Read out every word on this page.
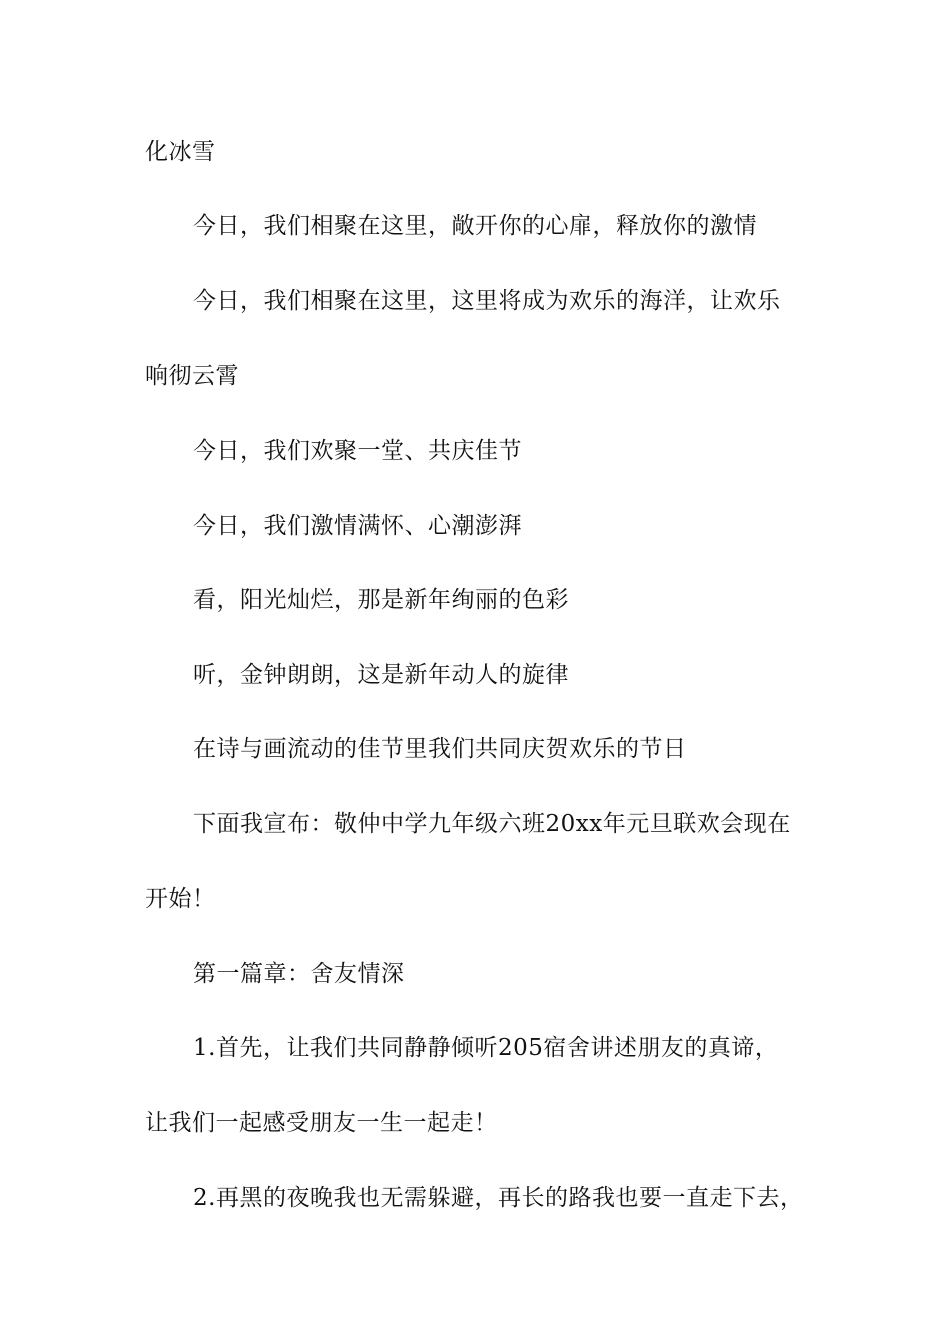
化冰雪
今日，我们相聚在这里，敞开你的心扉，释放你的激情
今日，我们相聚在这里，这里将成为欢乐的海洋，让欢乐
响彻云霄
今日，我们欢聚一堂、共庆佳节
今日，我们激情满怀、心潮澎湃
看，阳光灿烂，那是新年绚丽的色彩
听，金钟朗朗，这是新年动人的旋律
在诗与画流动的佳节里我们共同庆贺欢乐的节日
下面我宣布：敬仲中学九年级六班20xx年元旦联欢会现在
开始！
第一篇章：舍友情深
1.首先，让我们共同静静倾听205宿舍讲述朋友的真谛，
让我们一起感受朋友一生一起走！
2.再黑的夜晚我也无需躲避，再长的路我也要一直走下去，
